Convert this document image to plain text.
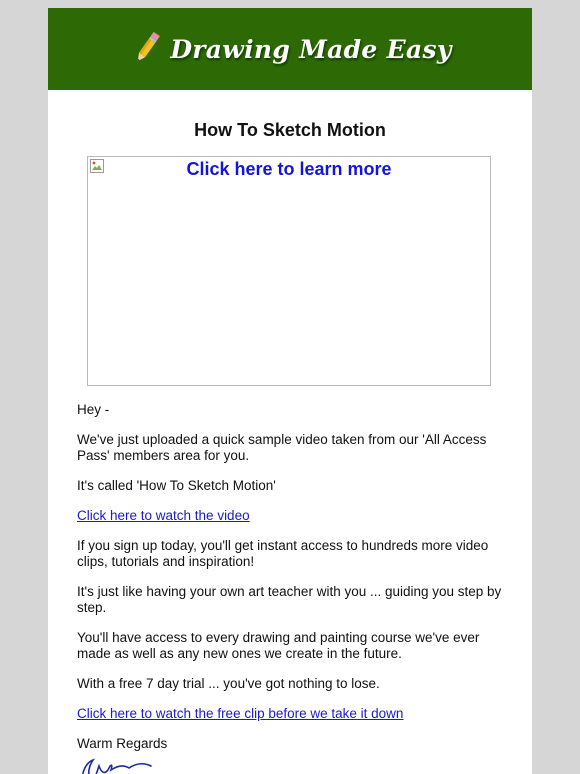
Drawing Made Easy
How To Sketch Motion
Click here to learn more

Hey -

We've just uploaded a quick sample video taken from our 'All Access Pass' members area for you.

It's called 'How To Sketch Motion'

Click here to watch the video

If you sign up today, you'll get instant access to hundreds more video clips, tutorials and inspiration!

It's just like having your own art teacher with you ... guiding you step by step.

You'll have access to every drawing and painting course we've ever made as well as any new ones we create in the future.

With a free 7 day trial ... you've got nothing to lose.

Click here to watch the free clip before we take it down

Warm Regards
